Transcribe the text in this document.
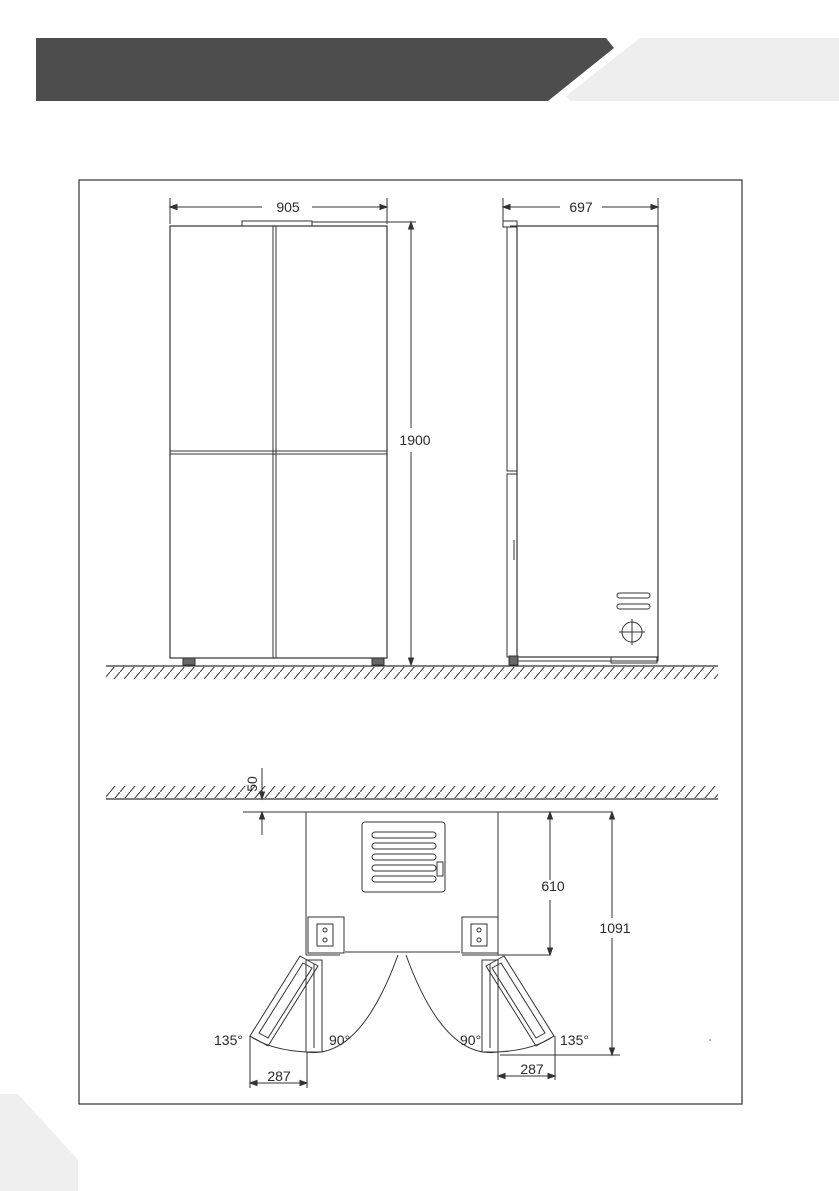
905
1900
697
50
610
1091
135°	90°	90°	135°
287	287
